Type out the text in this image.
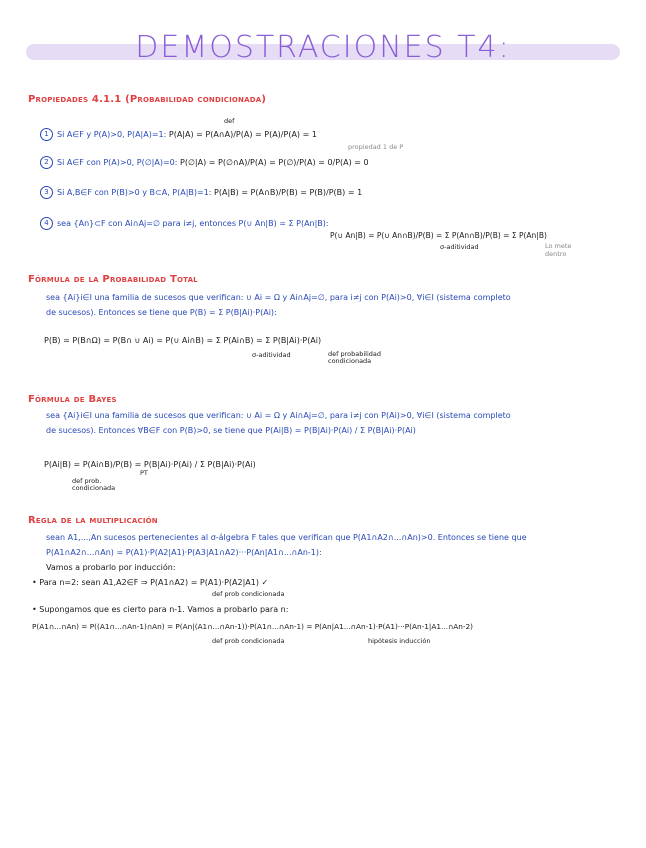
DEMOSTRACIONES T4:
Propiedades 4.1.1 (Probabilidad condicionada)
1 Si A∈F y P(A)>0, P(A|A)=1: P(A|A) = P(A∩A)/P(A) = P(A)/P(A) = 1
def
propiedad 1 de P
2 Si A∈F con P(A)>0, P(∅|A)=0: P(∅|A) = P(∅∩A)/P(A) = P(∅)/P(A) = 0/P(A) = 0
3 Si A,B∈F con P(B)>0 y B⊂A, P(A|B)=1: P(A|B) = P(A∩B)/P(B) = P(B)/P(B) = 1
4 sea {An}⊂F con Ai∩Aj=∅ para i≠j, entonces P(∪ An|B) = Σ P(An|B):
P(∪ An|B) = P(∪ An∩B)/P(B) = Σ P(An∩B)/P(B) = Σ P(An|B)
σ-aditividad	Lo mete dentro
Fórmula de la Probabilidad Total
sea {Ai}i∈I una familia de sucesos que verifican: ∪ Ai = Ω y Ai∩Aj=∅, para i≠j con P(Ai)>0, ∀i∈I (sistema completo
de sucesos). Entonces se tiene que P(B) = Σ P(B|Ai)·P(Ai):
P(B) = P(B∩Ω) = P(B∩ ∪ Ai) = P(∪ Ai∩B) = Σ P(Ai∩B) = Σ P(B|Ai)·P(Ai)
σ-aditividad	def probabilidad condicionada
Fórmula de Bayes
sea {Ai}i∈I una familia de sucesos que verifican: ∪ Ai = Ω y Ai∩Aj=∅, para i≠j con P(Ai)>0, ∀i∈I (sistema completo
de sucesos). Entonces ∀B∈F con P(B)>0, se tiene que P(Ai|B) = P(B|Ai)·P(Ai) / Σ P(B|Ai)·P(Ai)
P(Ai|B) = P(Ai∩B)/P(B) = P(B|Ai)·P(Ai) / Σ P(B|Ai)·P(Ai)
def prob. condicionada
PT
Regla de la multiplicación
sean A1,...,An sucesos pertenecientes al σ-álgebra F tales que verifican que P(A1∩A2∩...∩An)>0. Entonces se tiene que
P(A1∩A2∩...∩An) = P(A1)·P(A2|A1)·P(A3|A1∩A2)···P(An|A1∩...∩An-1):
Vamos a probarlo por inducción:
• Para n=2: sean A1,A2∈F ⇒ P(A1∩A2) = P(A1)·P(A2|A1) ✓
def prob condicionada
• Supongamos que es cierto para n-1. Vamos a probarlo para n:
P(A1∩...∩An) = P((A1∩...∩An-1)∩An) = P(An|(A1∩...∩An-1))·P(A1∩...∩An-1) = P(An|A1...∩An-1)·P(A1)···P(An-1|A1...∩An-2)
def prob condicionada	hipótesis inducción
